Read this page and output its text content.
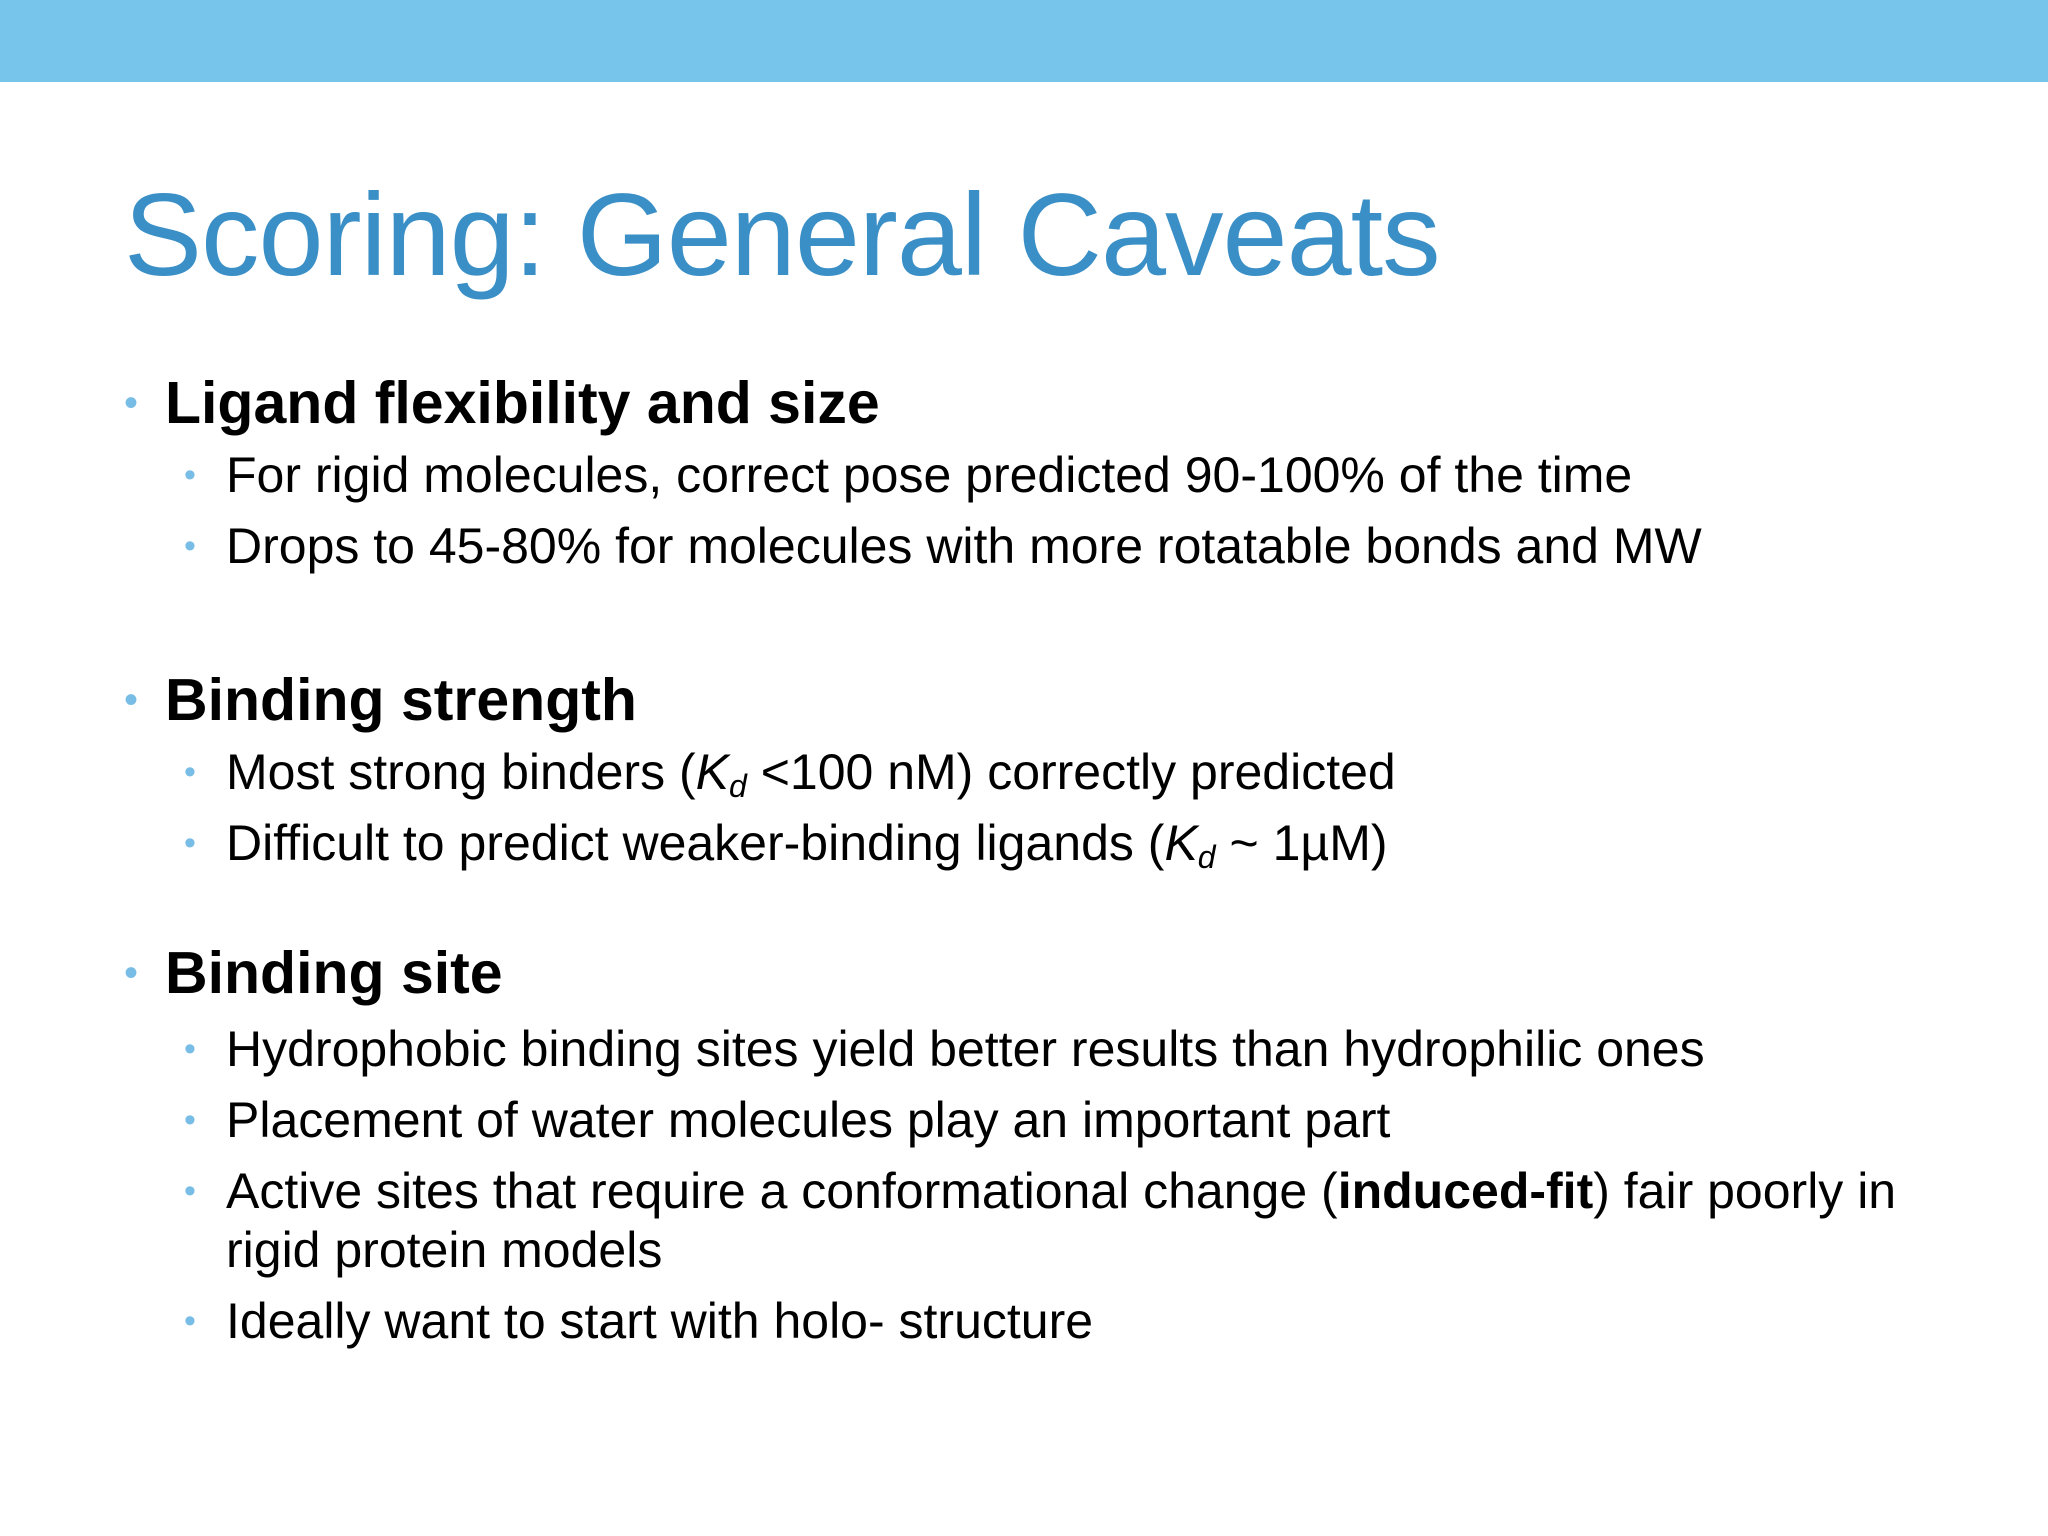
Scoring: General Caveats
• Ligand flexibility and size
• For rigid molecules, correct pose predicted 90-100% of the time
• Drops to 45-80% for molecules with more rotatable bonds and MW
• Binding strength
• Most strong binders ($K_d <100$ nM) correctly predicted
• Difficult to predict weaker-binding ligands ($K_d$ ~ 1µM)
• Binding site
• Hydrophobic binding sites yield better results than hydrophilic ones
• Placement of water molecules play an important part
• Active sites that require a conformational change (induced-fit) fair poorly in rigid protein models
• Ideally want to start with holo- structure
